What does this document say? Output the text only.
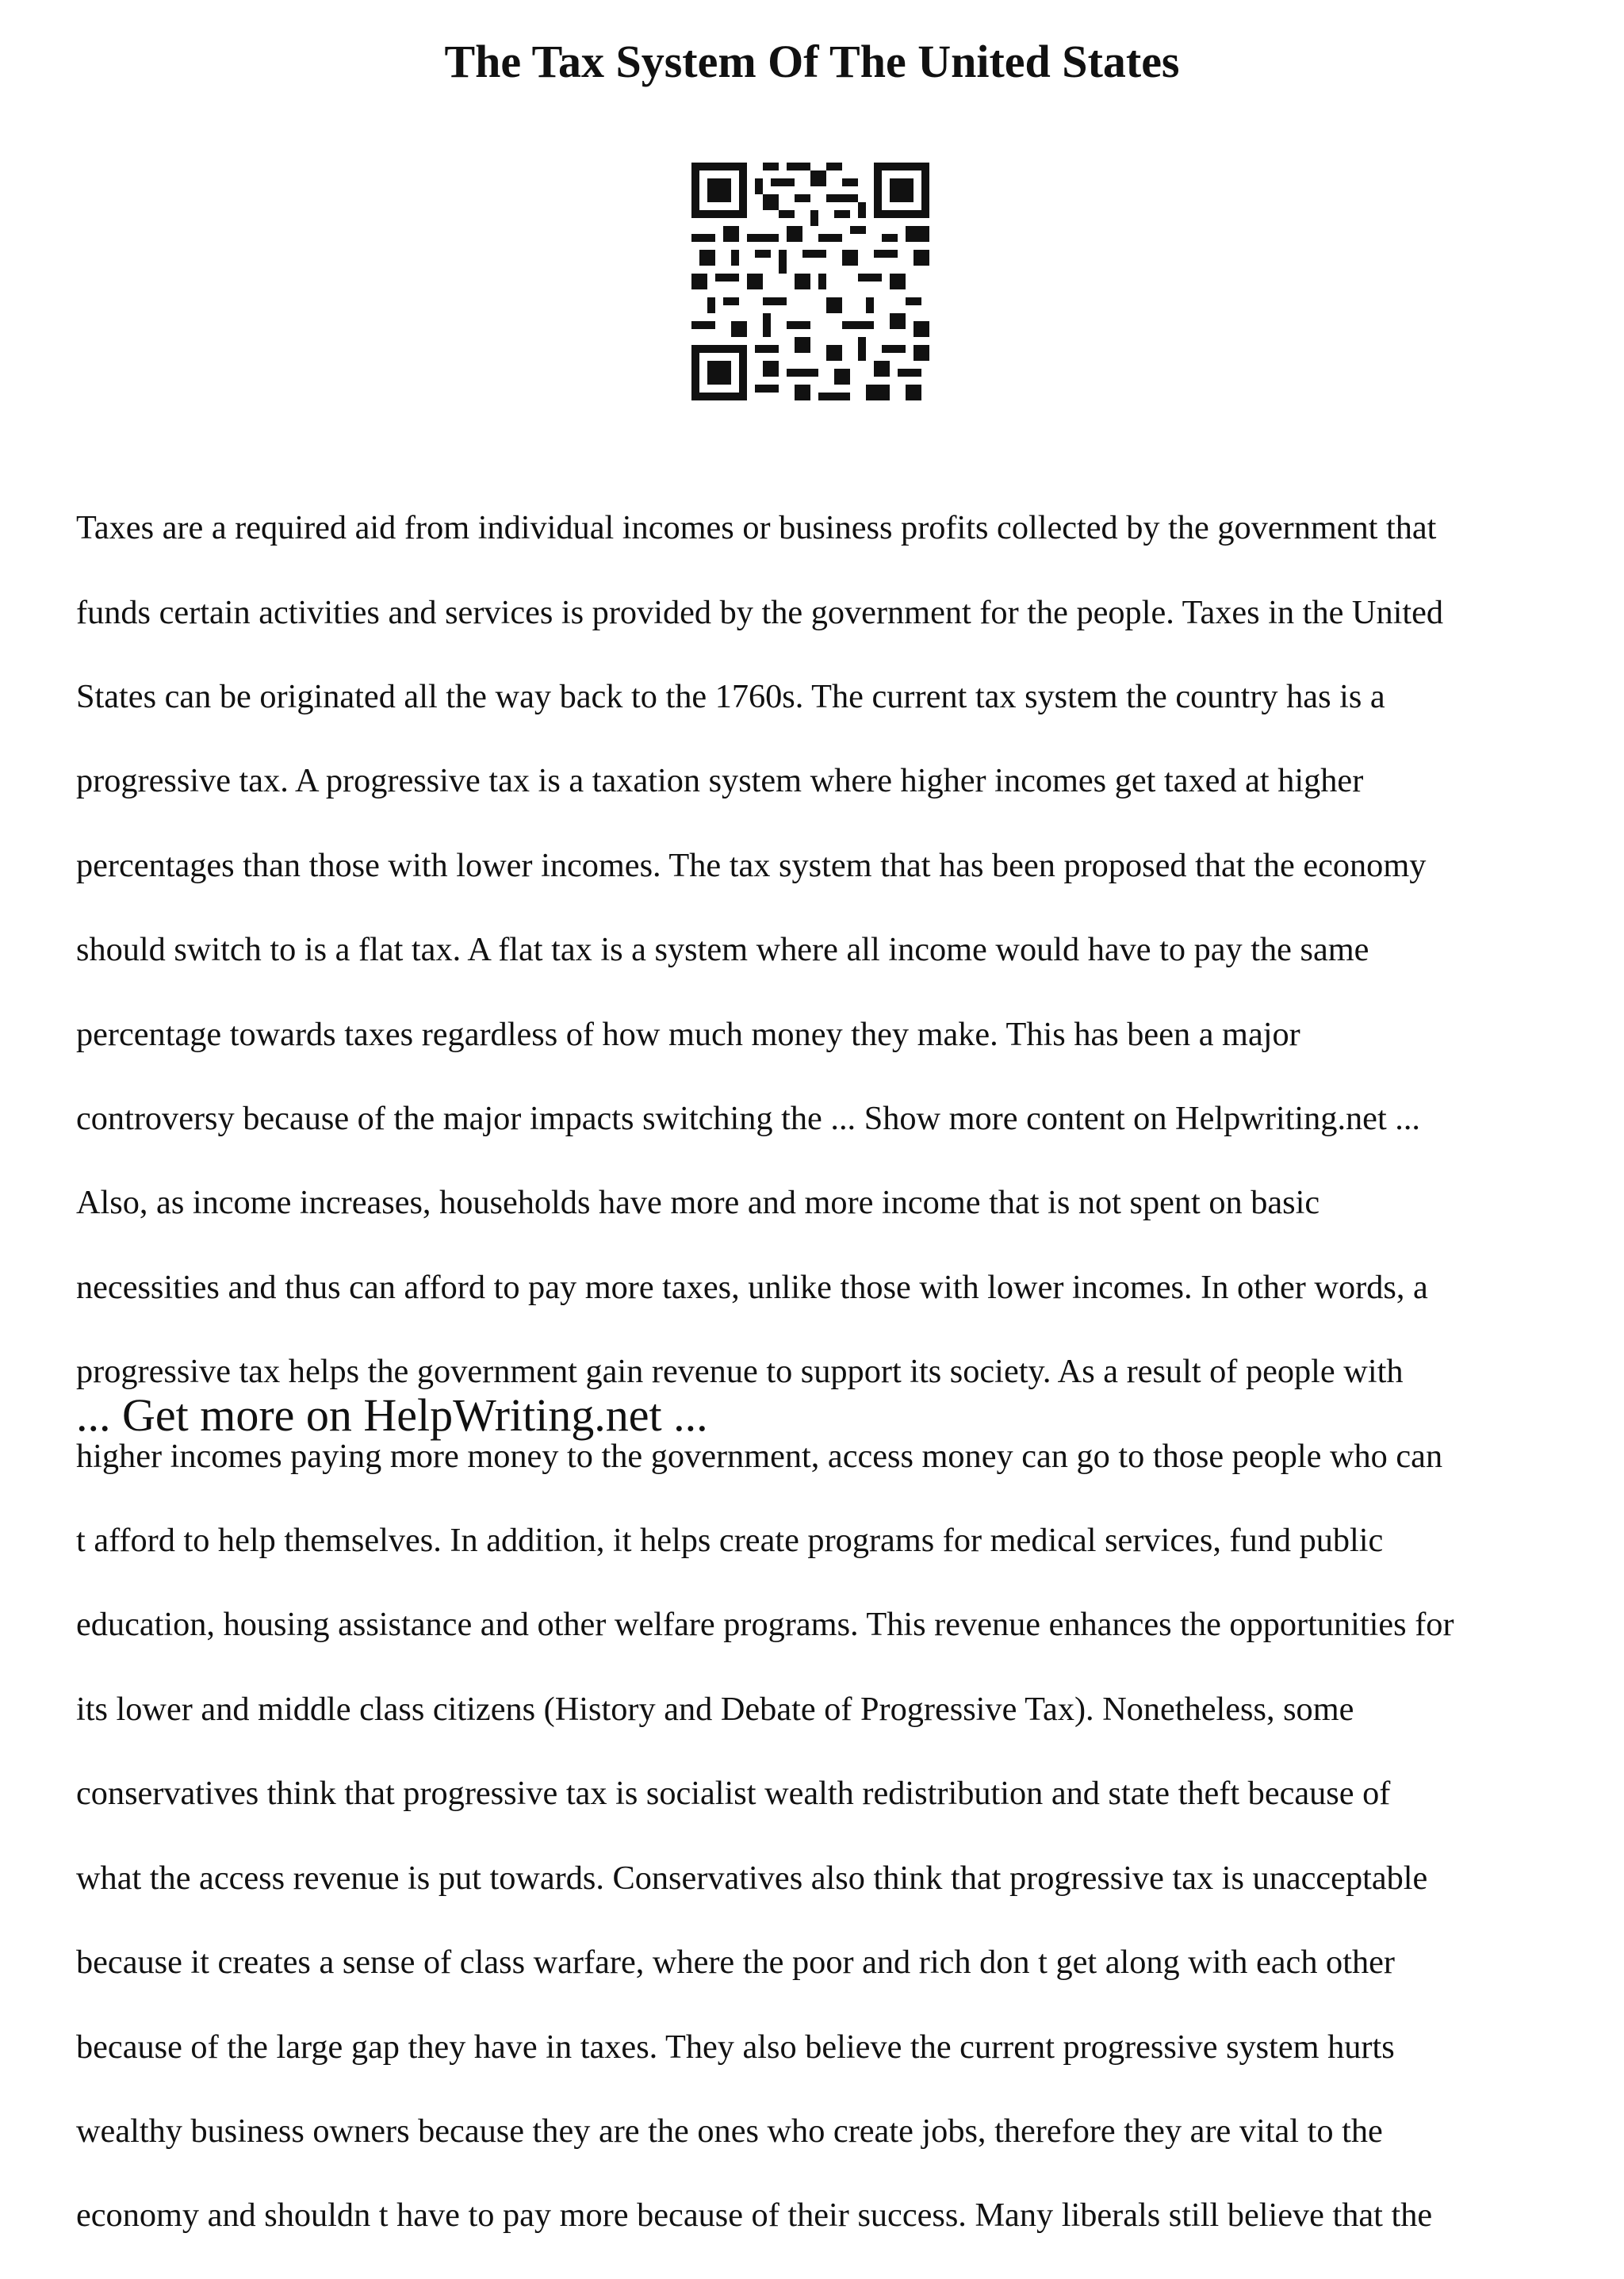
The Tax System Of The United States

Taxes are a required aid from individual incomes or business profits collected by the government that

funds certain activities and services is provided by the government for the people. Taxes in the United

States can be originated all the way back to the 1760s. The current tax system the country has is a

progressive tax. A progressive tax is a taxation system where higher incomes get taxed at higher

percentages than those with lower incomes. The tax system that has been proposed that the economy

should switch to is a flat tax. A flat tax is a system where all income would have to pay the same

percentage towards taxes regardless of how much money they make. This has been a major

controversy because of the major impacts switching the ... Show more content on Helpwriting.net ...

Also, as income increases, households have more and more income that is not spent on basic

necessities and thus can afford to pay more taxes, unlike those with lower incomes. In other words, a

progressive tax helps the government gain revenue to support its society. As a result of people with

higher incomes paying more money to the government, access money can go to those people who can

t afford to help themselves. In addition, it helps create programs for medical services, fund public

education, housing assistance and other welfare programs. This revenue enhances the opportunities for

its lower and middle class citizens (History and Debate of Progressive Tax). Nonetheless, some

conservatives think that progressive tax is socialist wealth redistribution and state theft because of

what the access revenue is put towards. Conservatives also think that progressive tax is unacceptable

because it creates a sense of class warfare, where the poor and rich don t get along with each other

because of the large gap they have in taxes. They also believe the current progressive system hurts

wealthy business owners because they are the ones who create jobs, therefore they are vital to the

economy and shouldn t have to pay more because of their success. Many liberals still believe that the

... Get more on HelpWriting.net ...
